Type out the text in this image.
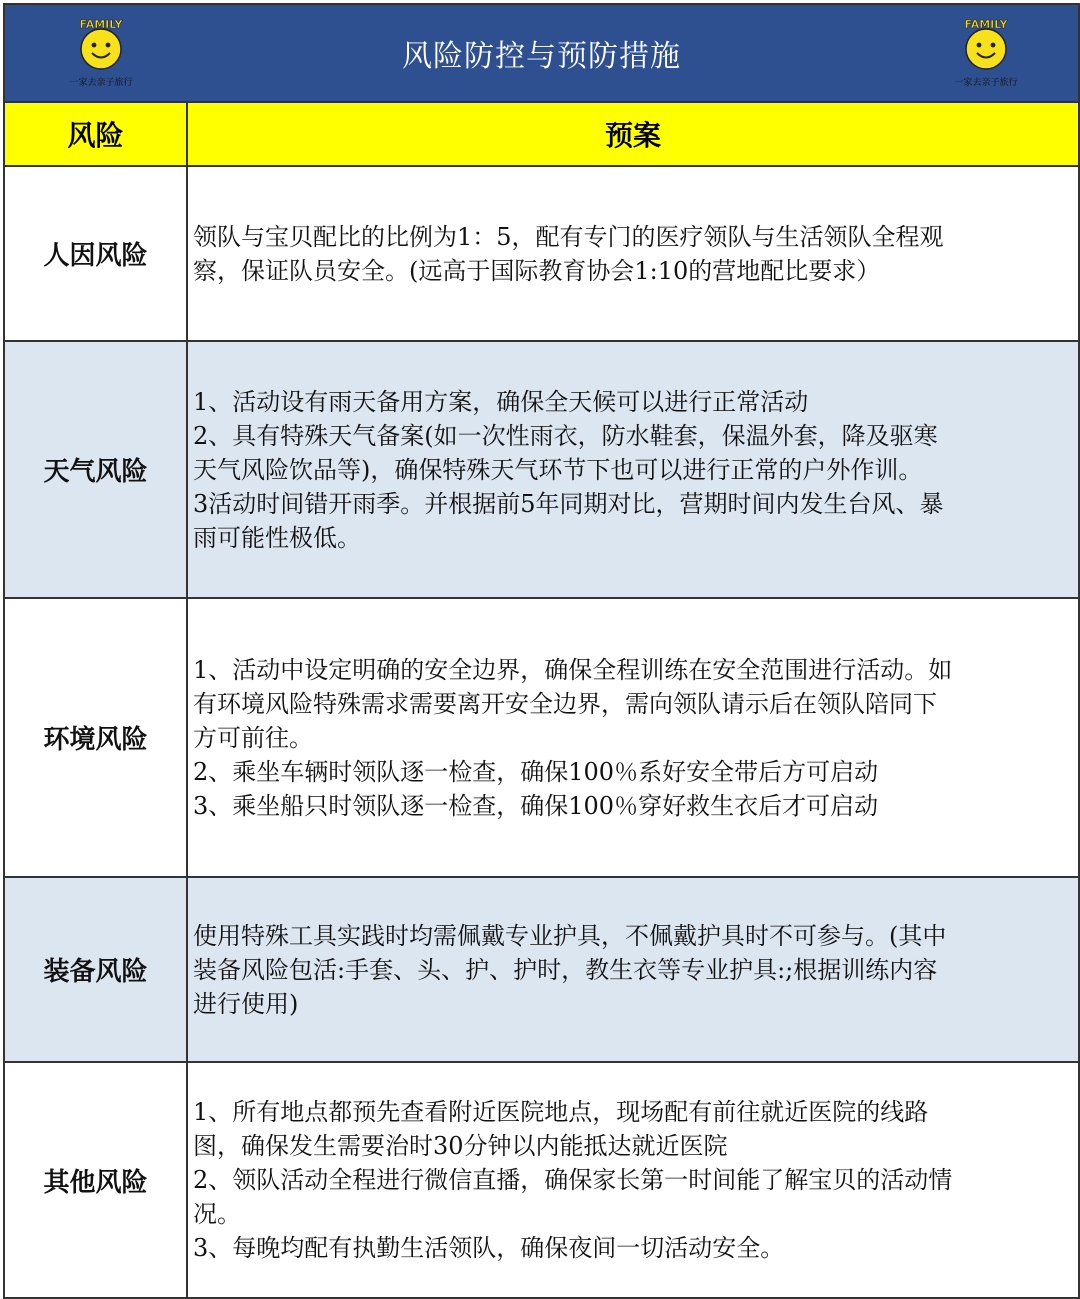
FAMILY
一家去亲子旅行
风险防控与预防措施
FAMILY
一家去亲子旅行	

风险	预案
人因风险	领队与宝贝配比的比例为1：5，配有专门的医疗领队与生活领队全程观
察，保证队员安全。(远高于国际教育协会1:10的营地配比要求）

天气风险	1、活动设有雨天备用方案，确保全天候可以进行正常活动
2、具有特殊天气备案(如一次性雨衣，防水鞋套，保温外套，降及驱寒
天气风险饮品等)，确保特殊天气环节下也可以进行正常的户外作训。
3活动时间错开雨季。并根据前5年同期对比，营期时间内发生台风、暴
雨可能性极低。

环境风险	1、活动中设定明确的安全边界，确保全程训练在安全范围进行活动。如
有环境风险特殊需求需要离开安全边界，需向领队请示后在领队陪同下
方可前往。
2、乘坐车辆时领队逐一检查，确保100％系好安全带后方可启动
3、乘坐船只时领队逐一检查，确保100％穿好救生衣后才可启动

装备风险	使用特殊工具实践时均需佩戴专业护具，不佩戴护具时不可参与。(其中
装备风险包活:手套、头、护、护时，教生衣等专业护具:;根据训练内容
进行使用)

其他风险	1、所有地点都预先查看附近医院地点，现场配有前往就近医院的线路
图，确保发生需要治时30分钟以内能抵达就近医院
2、领队活动全程进行微信直播，确保家长第一时间能了解宝贝的活动情
况。
3、每晚均配有执勤生活领队，确保夜间一切活动安全。
